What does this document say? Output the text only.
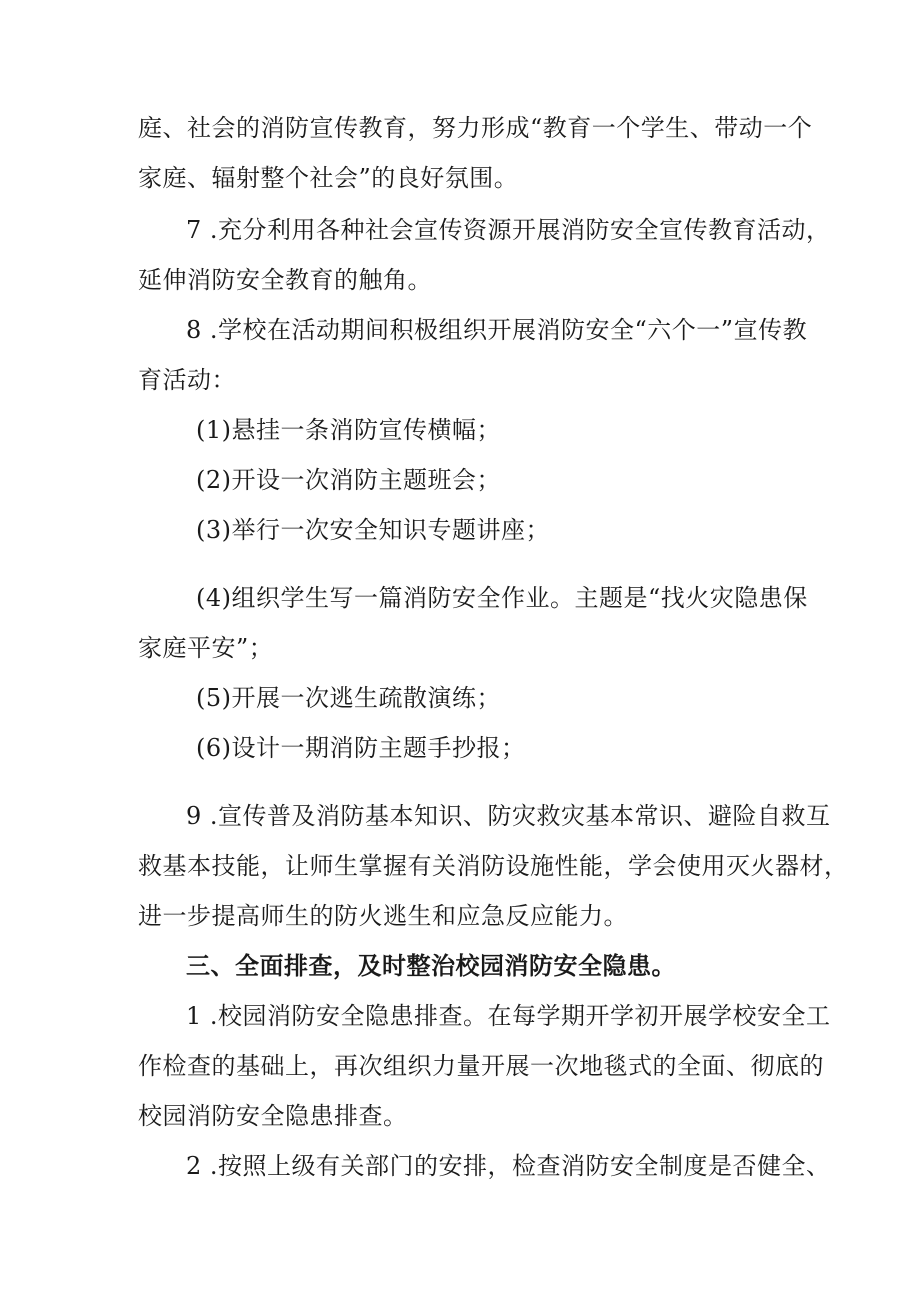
庭、社会的消防宣传教育，努力形成“教育一个学生、带动一个
家庭、辐射整个社会”的良好氛围。
7 .充分利用各种社会宣传资源开展消防安全宣传教育活动，
延伸消防安全教育的触角。
8 .学校在活动期间积极组织开展消防安全“六个一”宣传教
育活动：
(1)悬挂一条消防宣传横幅；
(2)开设一次消防主题班会；
(3)举行一次安全知识专题讲座；
(4)组织学生写一篇消防安全作业。主题是“找火灾隐患保
家庭平安”；
(5)开展一次逃生疏散演练；
(6)设计一期消防主题手抄报；
9 .宣传普及消防基本知识、防灾救灾基本常识、避险自救互
救基本技能，让师生掌握有关消防设施性能，学会使用灭火器材，
进一步提高师生的防火逃生和应急反应能力。
三、全面排查，及时整治校园消防安全隐患。
1 .校园消防安全隐患排查。在每学期开学初开展学校安全工
作检查的基础上，再次组织力量开展一次地毯式的全面、彻底的
校园消防安全隐患排查。
2 .按照上级有关部门的安排，检查消防安全制度是否健全、
